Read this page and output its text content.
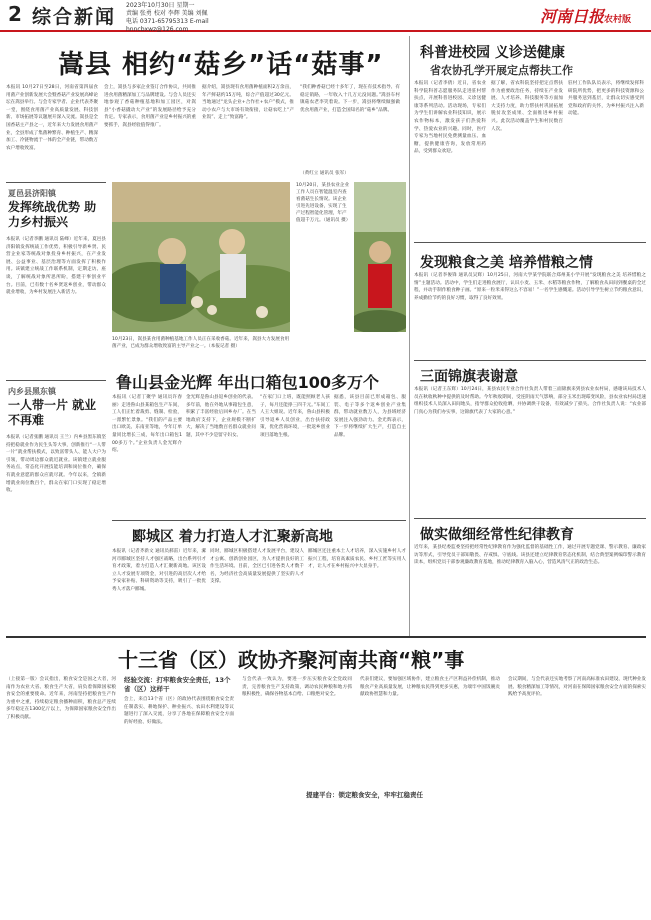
2 综合新闻
2023年10月30日 星期一
责编 张勇 校对 李辉 美编 刘佩
电话 0371-65795313 E-mail hnncbxwz@126.com
河南日报农村版
嵩县 相约“菇乡”话“菇事”
本报讯 10月27日至28日，河南省第四届食用菌产业创新发展大会暨香菇产业发展高峰论坛在嵩县举行。与会专家学者、企业代表齐聚一堂，围绕食用菌产业高质量发展、科技创新、市场拓展等议题展开深入交流。嵩县是全国香菇主产县之一，近年来大力发展食用菌产业，全县形成了集菌种繁育、种植生产、精深加工、冷链物流于一体的全产业链，带动数万农户增收致富。
会上，嵩县与多家企业签订合作协议，共同推进食用菌精深加工与品牌建设。与会人员还实地参观了香菇种植基地和加工园区，对嵩县“小香菇撬动大产业”的发展路径给予充分肯定。专家表示，食用菌产业是乡村振兴的重要抓手，嵩县经验值得推广。
据介绍，嵩县现有食用菌种植面积2万余亩，年产鲜菇约15万吨，综合产值超过30亿元。当地通过“龙头企业+合作社+农户”模式，推动小农户与大市场有效衔接，让菇农吃上“产业饭”、走上“致富路”。
“我们种香菇已经十多年了，现在有技术指导、有稳定销路，一年收入十几万元没问题。”嵩县车村镇菇农老李笑着说。下一步，嵩县将继续做强做优食用菌产业，打造全国知名的“菇乡”品牌。
（黄红立 通讯员 张军）
科普进校园 义诊送健康
省农协孔学开展定点帮扶工作
本报讯（记者李倩）近日，省农业科学院科普志愿服务队走进驻村帮扶点，开展科普进校园、义诊送健康等系列活动。活动现场，专家们为学生们讲解农业科技知识，展示农作物标本，激发孩子们热爱科学、热爱农业的兴趣。同时，医疗专家为当地村民免费测量血压、血糖，提供健康咨询，发放常用药品，受到群众欢迎。
据了解，省农科院坚持把定点帮扶作为重要政治任务，持续在产业发展、人才培养、科技服务等方面加大支持力度，助力帮扶村巩固拓展脱贫攻坚成果、全面推进乡村振兴。此次活动覆盖学生和村民数百人次。
驻村工作队队员表示，将继续发挥科研院所优势，把更多的科技资源和公共服务送到基层，让群众切实感受到党和政府的关怀，为乡村振兴注入新动能。
夏邑县济阳镇
发挥统战优势 助力乡村振兴
本报讯（记者李鹏 通讯员 陆峰）近年来，夏邑县济阳镇发挥统战工作优势，积极引导新乡贤、民营企业家等统战对象投身乡村振兴，在产业发展、公益事业、基层治理等方面发挥了积极作用。该镇建立统战工作联系机制，定期走访、座谈，了解统战对象所思所盼，搭建干事创业平台。目前，已有数十名乡贤返乡创业，带动群众就业增收，为乡村发展注入新活力。
10月23日，嵩县某食用菌种植基地工作人员正在采收香菇。近年来，嵩县大力发展食用菌产业，已成为群众增收致富的主导产业之一。（本报记者 摄）
10月20日，某县农业企业工作人员在智能温室内查看菌菇生长情况。该企业引进先进设备，实现了生产过程智能化管理，年产值超千万元。（通讯员 摄）
内乡县黑东镇
一人带一片 就业不再难
本报讯（记者张鹏 通讯员 王兰）内乡县黑东镇坚持把稳就业作为民生头等大事，创新推行“一人带一片”就业帮扶模式，以致富带头人、能人大户为引领，带动周边群众就近就业。该镇建立就业服务站点，常态化开展技能培训和岗位推介，确保有就业意愿的群众应就尽就。今年以来，全镇新增就业岗位数百个，群众在家门口实现了稳定增收。
鲁山县金光辉 年出口箱包100多万个
本报讯（记者丁聚学 通讯员许春丽）走进鲁山县某箱包生产车间，工人们正忙着裁剪、缝制、检验，一派繁忙景象。“我们的产品主要出口欧美、东南亚等地，今年订单量同比增长三成，每年出口箱包100多万个。”企业负责人金光辉介绍。
金光辉是鲁山县返乡创业的代表。多年前，他在外地从事箱包生意，积累了丰富经验后回乡办厂。在当地政府支持下，企业规模不断扩大，解决了当地数百名群众就业问题，其中不少是留守妇女。
“在家门口上班，既能照顾老人孩子，每月还能挣三四千元。”车间工人王大姐说。近年来，鲁山县积极引导返乡人员创业，出台扶持政策，优化营商环境，一批返乡创业项目落地生根。
据悉，该县目前已形成箱包、服装、电子等多个返乡创业产业集群，带动就业数万人，为县域经济发展注入强劲动力。金光辉表示，下一步将继续扩大生产，打造自主品牌。
发现粮食之美 培养惜粮之情
本报讯（记者李俊锋 通讯员吴辉）10月25日，河南大学某学院联合郑州某小学开展“发现粮食之美 培养惜粮之情”主题活动。活动中，学生们走进粮食展厅，认识小麦、玉米、水稻等粮食作物，了解粮食从田间到餐桌的全过程，并动手制作粮食种子画。“原来一粒米来得这么不容易！”一名学生感慨道。活动引导学生树立节约粮食意识，养成勤俭节约的良好习惯，取得了良好效果。
三面锦旗表谢意
本报讯（记者王东辉）10月24日，某县农民专业合作社负责人带着三面锦旗来到县农业农村局，感谢该局技术人员在秋收秋种中提供的及时帮助。今年秋收期间，受连阴雨天气影响，部分玉米出现霉变风险，县农业农村局迅速组织技术人员深入田间地头，指导群众抢收抢晒，并协调烘干设备，有效减少了损失。合作社负责人说：“农业部门真心为我们办实事，这锦旗代表了大家的心意。”
做实做细经常性纪律教育
近年来，某县纪委监委坚持把经常性纪律教育作为强化监督的基础性工作，通过开展专题党课、警示教育、廉政家访等形式，引导党员干部知敬畏、存戒惧、守底线。该县还建立纪律教育常态化机制，结合典型案例编印警示教育读本，组织党员干部参观廉政教育基地，推动纪律教育入脑入心，营造风清气正的政治生态。
郾城区 着力打造人才汇聚新高地
本报讯（记者齐新文 通讯员郝雷）近年来，漯河市郾城区坚持人才强区战略，出台系列引才育才政策，着力打造人才汇聚新高地。该区设立人才发展专项资金，对引进的高层次人才给予安家补贴、科研资助等支持，吸引了一批优秀人才落户郾城。
同时，郾城区积极搭建人才发展平台，建设人才公寓、创新创业园区，为人才提供良好的工作生活环境。目前，全区已引进各类人才数千名，为经济社会高质量发展提供了坚实的人才支撑。
郾城区还注重本土人才培养，深入实施乡村人才振兴工程，培育高素质农民、乡村工匠等实用人才，让人才在乡村振兴中大显身手。
十三省（区）政协齐聚河南共商“粮”事
（上接第一版）会议指出，粮食安全是国之大者，河南作为农业大省、粮食生产大省，肩负着保障国家粮食安全的重要使命。近年来，河南坚持把粮食生产作为重中之重，持续稳定粮食播种面积，粮食总产连续多年稳定在1300亿斤以上，为保障国家粮食安全作出了积极贡献。
经验交流：打牢粮食安全责任，13个省（区）这样干
会上，来自13个省（区）的政协代表围绕粮食安全责任制落实、耕地保护、种业振兴、农田水利建设等议题进行了深入交流，分享了各地在保障粮食安全方面的好经验、好做法。
与会代表一致认为，要进一步压实粮食安全党政同责，完善粮食生产支持政策，调动农民种粮和地方抓粮积极性，确保谷物基本自给、口粮绝对安全。
提建平台：锁定粮食安全，牢牢扛稳责任
代表们建议，要加强区域协作，建立粮食主产区利益补偿机制，推动粮食产业高质量发展，让种粮农民得到更多实惠，为端牢中国饭碗贡献政协智慧和力量。
会议期间，与会代表还实地考察了河南高标准农田建设、现代种业发展、粮食精深加工等情况，对河南在保障国家粮食安全方面的探索实践给予高度评价。
